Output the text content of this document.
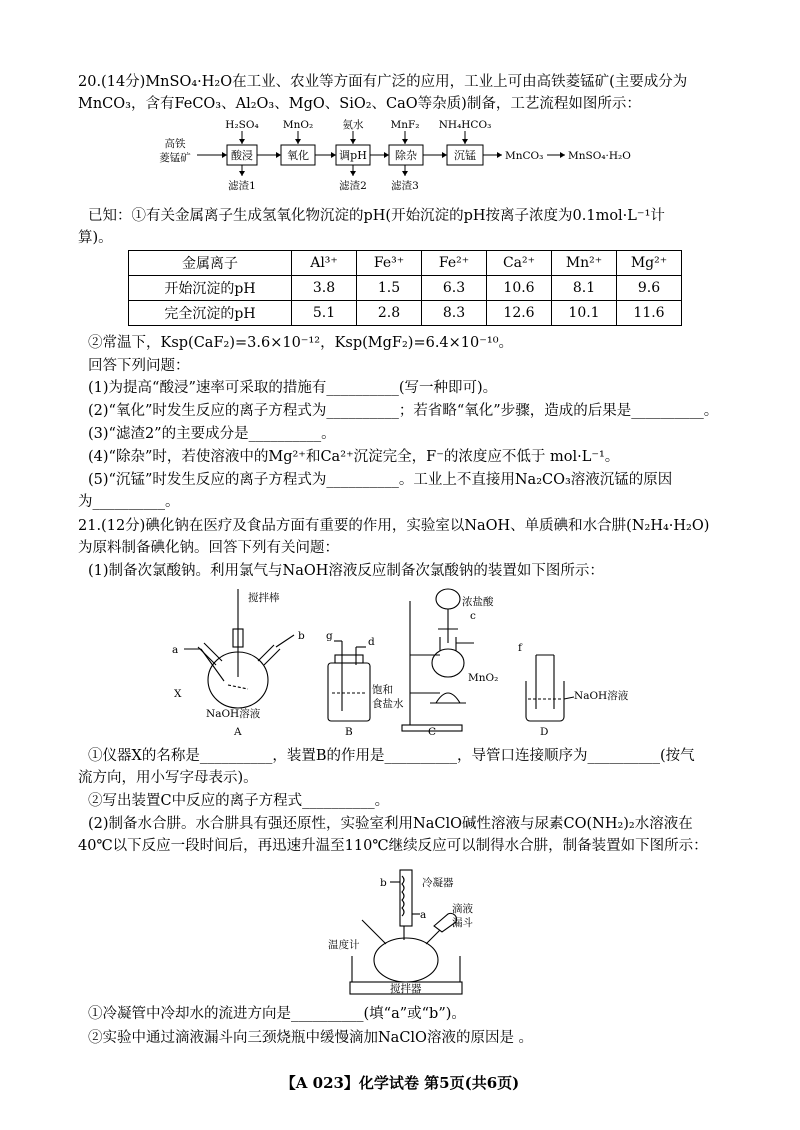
20.(14分)MnSO₄·H₂O在工业、农业等方面有广泛的应用，工业上可由高铁菱锰矿(主要成分为
MnCO₃，含有FeCO₃、Al₂O₃、MgO、SiO₂、CaO等杂质)制备，工艺流程如图所示：
高铁
菱锰矿
H₂SO₄ MnO₂	氨水	MnF₂ NH₄HCO₃
酸浸	氧化	调pH	除杂	沉锰	MnCO₃ MnSO₄·H₂O
滤渣1	滤渣2 滤渣3
已知：①有关金属离子生成氢氧化物沉淀的pH(开始沉淀的pH按离子浓度为0.1mol·L⁻¹计
算)。
金属离子	Al³⁺	Fe³⁺	Fe²⁺	Ca²⁺	Mn²⁺	Mg²⁺
开始沉淀的pH	3.8	1.5	6.3	10.6	8.1	9.6
完全沉淀的pH	5.1	2.8	8.3	12.6	10.1	11.6
②常温下，Ksp(CaF₂)=3.6×10⁻¹²，Ksp(MgF₂)=6.4×10⁻¹⁰。
回答下列问题：
(1)为提高“酸浸”速率可采取的措施有__________(写一种即可)。
(2)“氧化”时发生反应的离子方程式为__________；若省略“氧化”步骤，造成的后果是__________。
(3)“滤渣2”的主要成分是__________。
(4)“除杂”时，若使溶液中的Mg²⁺和Ca²⁺沉淀完全，F⁻的浓度应不低于 mol·L⁻¹。
(5)“沉锰”时发生反应的离子方程式为__________。工业上不直接用Na₂CO₃溶液沉锰的原因
为__________。
21.(12分)碘化钠在医疗及食品方面有重要的作用，实验室以NaOH、单质碘和水合肼(N₂H₄·H₂O)
为原料制备碘化钠。回答下列有关问题：
(1)制备次氯酸钠。利用氯气与NaOH溶液反应制备次氯酸钠的装置如下图所示：
搅拌棒
a
b
X
NaOH溶液
A
g	d
饱和
食盐水
B
浓盐酸
c
MnO₂
C
f
NaOH溶液
D
①仪器X的名称是__________，装置B的作用是__________，导管口连接顺序为__________(按气
流方向，用小写字母表示)。
②写出装置C中反应的离子方程式__________。
(2)制备水合肼。水合肼具有强还原性，实验室利用NaClO碱性溶液与尿素CO(NH₂)₂水溶液在
40℃以下反应一段时间后，再迅速升温至110℃继续反应可以制得水合肼，制备装置如下图所示：
b	冷凝器
a 滴液
漏斗
温度计
搅拌器
①冷凝管中冷却水的流进方向是__________(填“a”或“b”)。
②实验中通过滴液漏斗向三颈烧瓶中缓慢滴加NaClO溶液的原因是 。
【A 023】化学试卷 第5页(共6页)
